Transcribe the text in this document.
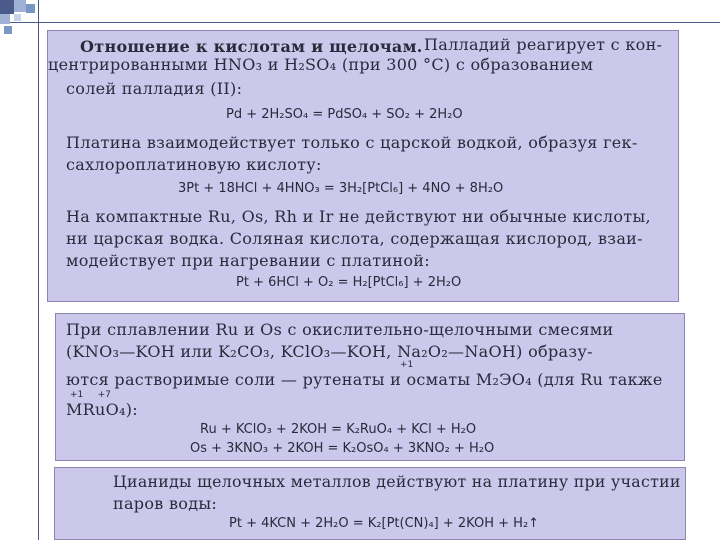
Отношение к кислотам и щелочам. Палладий реагирует с кон-
центрированными HNO₃ и H₂SO₄ (при 300 °С) с образованием
солей палладия (II):
Pd + 2H₂SO₄ = PdSO₄ + SO₂ + 2H₂O
Платина взаимодействует только с царской водкой, образуя гек-
сахлороплатиновую кислоту:
3Pt + 18HCl + 4HNO₃ = 3H₂[PtCl₆] + 4NO + 8H₂O
На компактные Ru, Os, Rh и Ir не действуют ни обычные кислоты,
ни царская водка. Соляная кислота, содержащая кислород, взаи-
модействует при нагревании с платиной:
Pt + 6HCl + O₂ = H₂[PtCl₆] + 2H₂O
При сплавлении Ru и Os с окислительно-щелочными смесями
(KNO₃—KOH или K₂CO₃, KClO₃—KOH, Na₂O₂—NaOH) образу-
+1
ются растворимые соли — рутенаты и осматы M₂ЭO₄ (для Ru также
+1     +7
MRuO₄):
Ru + KClO₃ + 2KOH = K₂RuO₄ + KCl + H₂O
Os + 3KNO₃ + 2KOH = K₂OsO₄ + 3KNO₂ + H₂O
Цианиды щелочных металлов действуют на платину при участии
паров воды:
Pt + 4KCN + 2H₂O = K₂[Pt(CN)₄] + 2KOH + H₂↑
